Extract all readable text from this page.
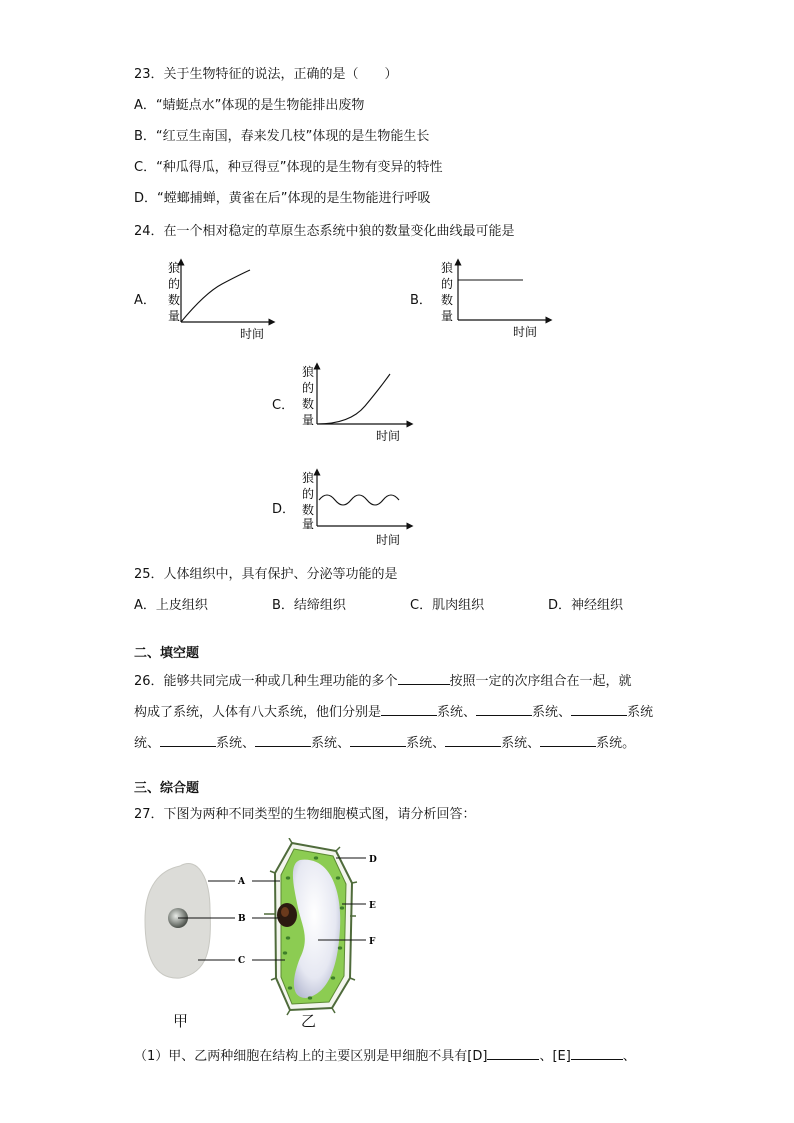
23．关于生物特征的说法，正确的是（　　）
A．“蜻蜓点水”体现的是生物能排出废物
B．“红豆生南国，春来发几枝”体现的是生物能生长
C．“种瓜得瓜，种豆得豆”体现的是生物有变异的特性
D．“螳螂捕蝉，黄雀在后”体现的是生物能进行呼吸
24．在一个相对稳定的草原生态系统中狼的数量变化曲线最可能是
A．
狼
的
数
量
时间
B．
狼
的
数
量
时间
C．
狼
的
数
量
时间
D．
狼
的
数
量
时间
25．人体组织中，具有保护、分泌等功能的是
A．上皮组织	B．结缔组织	C．肌肉组织	D．神经组织
二、填空题
26．能够共同完成一种或几种生理功能的多个	按照一定的次序组合在一起，就
构成了系统，人体有八大系统，他们分别是	系统、	系统、	系统
统、	系统、	系统、	系统、	系统、	系统。
三、综合题
27．下图为两种不同类型的生物细胞模式图，请分析回答：
A
B
C
D
E
F
甲	乙
（1）甲、乙两种细胞在结构上的主要区别是甲细胞不具有[D]	、[E]	、
